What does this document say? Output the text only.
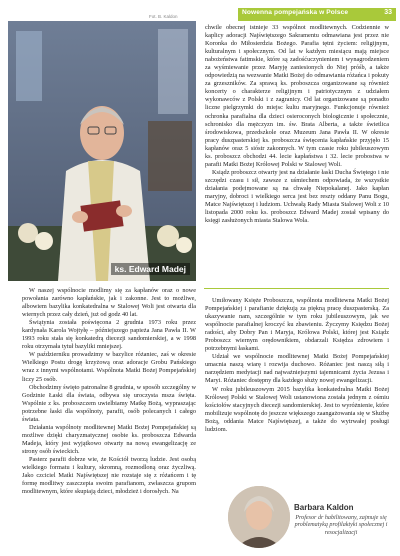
Nowenna pompejańska w Polsce	33
Fot. B. Kaldon
ks. Edward Madej

chwile obecnej istnieje 33 wspólnot modlitewnych. Codziennie w kaplicy adoracji Najświętszego Sakramentu odmawiana jest przez nie Koronka do Miłosierdzia Bożego. Parafia tętni życiem: religijnym, kulturalnym i społecznym. Od lat w każdym miesiącu mają miejsce nabożeństwa fatimskie, które są zadośćuczynieniem i wynagrodzeniem za wyśmiewanie przez Maryję zaniesionych do Niej próśb, a także odpowiedzią na wezwanie Matki Bożej do odmawiania różańca i pokuty za grzeszników. Za sprawą ks. proboszcza organizowane są również koncerty o charakterze religijnym i patriotycznym z udziałem wykonawców z Polski i z zagranicy. Od lat organizowane są ponadto liczne pielgrzymki do miejsc kultu maryjnego. Funkcjonuje również ochronka parafialna dla dzieci osieroconych biologicznie i społecznie, schronisko dla mężczyzn im. św. Brata Alberta, a także świetlica środowiskowa, przedszkole oraz Muzeum Jana Pawła II. W okresie pracy duszpasterskiej ks. proboszcza święcenia kapłańskie przyjęło 15 kapłanów oraz 5 sióstr zakonnych. W tym czasie roku jubileuszowym ks. proboszcz obchodzi 44. lecie kapłaństwa i 32. lecie probostwa w parafii Matki Bożej Królowej Polski w Stalowej Woli.

Ksiądz proboszcz otwarty jest na działanie łaski Ducha Świętego i nie szczędzi czasu i sił, zawsze z uśmiechem odpowiada, że wszystkie działania podejmowane są na chwałę Niepokalanej. Jako kapłan maryjny, dobroci i wielkiego serca jest bez reszty oddany Panu Bogu, Matce Najświętszej i ludziom. Uchwałą Rady Miasta Stalowej Woli z 10 listopada 2000 roku ks. proboszcz Edward Madej został wpisany do księgi zasłużonych miasta Stalowa Wola.

W naszej wspólnocie modlimy się za kapłanów oraz o nowe powołania zarówno kapłańskie, jak i zakonne. Jest to możliwe, albowiem bazylika konkatedralna w Stalowej Woli jest otwarta dla wiernych przez cały dzień, już od godz 40 lat.

Świątynia została poświęcona 2 grudnia 1973 roku przez kardynała Karola Wojtyłę – późniejszego papieża Jana Pawła II. W 1993 roku stała się konkatedrą diecezji sandomierskiej, a w 1998 roku otrzymała tytuł bazyliki mniejszej.

W październiku prowadzimy w bazylice różaniec, zaś w okresie Wielkiego Postu drogę krzyżową oraz adoracje Grobu Pańskiego wraz z innymi wspólnotami. Wspólnota Matki Bożej Pompejańskiej liczy 25 osób.

Obchodzimy święto patronalne 8 grudnia, w sposób szczególny w Godzinie Łaski dla świata, odbywa się uroczysta msza święta. Wspólnie z ks. proboszczem uwielbiamy Matkę Bożą, wypraszając potrzebne łaski dla wspólnoty, parafii, osób polecanych i całego świata.

Działania wspólnoty modlitewnej Matki Bożej Pompejańskiej są możliwe dzięki charyzmatycznej osobie ks. proboszcza Edwarda Madeja, który jest wyjątkowo otwarty na nową ewangelizację ze strony osób świeckich.

Pasterz parafii dobrze wie, że Kościół tworzą ludzie. Jest osobą wielkiego formatu i kultury, skromną, rozmodloną oraz życzliwą. Jako czciciel Matki Najświętszej nie rozstaje się z różańcem i tę formę modlitwy zaszczepia swoim parafianom, zwłaszcza grupom modlitewnym, które skupiają dzieci, młodzież i dorosłych. Na

Umiłowany Księże Proboszczu, wspólnota modlitewna Matki Bożej Pompejańskiej i parafianie dziękują za piękną pracę duszpasterską. Za ukazywanie nam, szczególnie w tym roku jubileuszowym, jak we wspólnocie parafialnej kroczyć ku zbawieniu. Życzymy Księdzu Bożej radości, aby Dobry Pan i Maryja, Królowa Polski, której jest Ksiądz Proboszcz wiernym orędownikiem, obdarzali Księdza zdrowiem i potrzebnymi łaskami.

Udział we wspólnocie modlitewnej Matki Bożej Pompejańskiej umacnia naszą wiarę i rozwija duchowo. Różaniec jest naszą siłą i narzędziem medytacji nad najważniejszymi tajemnicami życia Jezusa i Maryi. Różaniec dostępny dla każdego służy nowej ewangelizacji.

W roku jubileuszowym 2015 bazylika konkatedralna Matki Bożej Królowej Polski w Stalowej Woli ustanowiona została jednym z ośmiu kościołów stacyjnych diecezji sandomierskiej. Jest to wyróżnienie, które mobilizuje wspólnotę do jeszcze większego zaangażowania się w Służbę Bożą, oddania Matce Najświętszej, a także do wytrwałej posługi ludziom.

Barbara Kaldon
Profesor dr habilitowany, zajmuje się problematyką profilaktyki społecznej i resocjalizacji
